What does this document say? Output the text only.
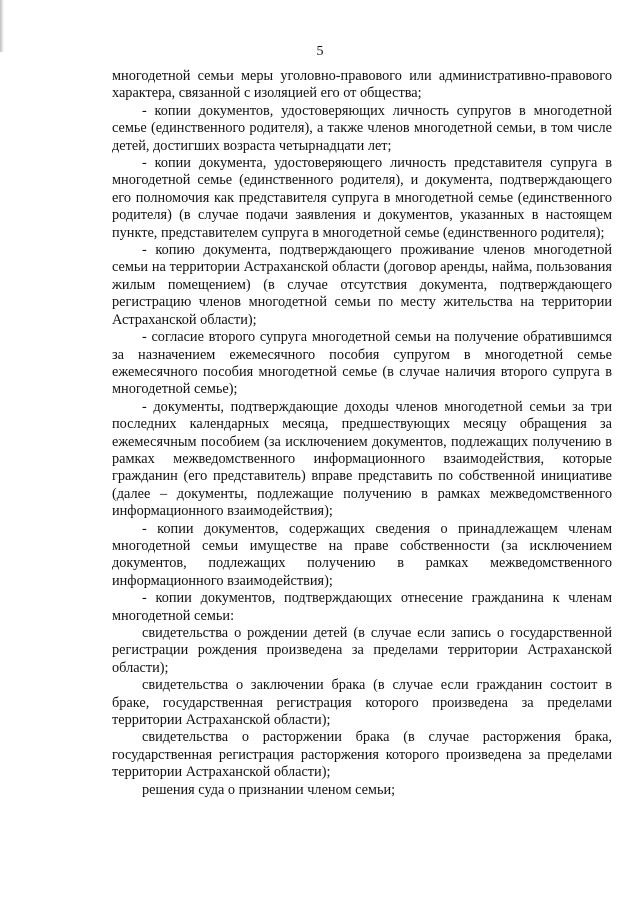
5

многодетной семьи меры уголовно-правового или административно-правового характера, связанной с изоляцией его от общества;

- копии документов, удостоверяющих личность супругов в многодетной семье (единственного родителя), а также членов многодетной семьи, в том числе детей, достигших возраста четырнадцати лет;

- копии документа, удостоверяющего личность представителя супруга в многодетной семье (единственного родителя), и документа, подтверждающего его полномочия как представителя супруга в многодетной семье (единственного родителя) (в случае подачи заявления и документов, указанных в настоящем пункте, представителем супруга в многодетной семье (единственного родителя);

- копию документа, подтверждающего проживание членов многодетной семьи на территории Астраханской области (договор аренды, найма, пользования жилым помещением) (в случае отсутствия документа, подтверждающего регистрацию членов многодетной семьи по месту жительства на территории Астраханской области);

- согласие второго супруга многодетной семьи на получение обратившимся за назначением ежемесячного пособия супругом в многодетной семье ежемесячного пособия многодетной семье (в случае наличия второго супруга в многодетной семье);

- документы, подтверждающие доходы членов многодетной семьи за три последних календарных месяца, предшествующих месяцу обращения за ежемесячным пособием (за исключением документов, подлежащих получению в рамках межведомственного информационного взаимодействия, которые гражданин (его представитель) вправе представить по собственной инициативе (далее – документы, подлежащие получению в рамках межведомственного информационного взаимодействия);

- копии документов, содержащих сведения о принадлежащем членам многодетной семьи имуществе на праве собственности (за исключением документов, подлежащих получению в рамках межведомственного информационного взаимодействия);

- копии документов, подтверждающих отнесение гражданина к членам многодетной семьи:

свидетельства о рождении детей (в случае если запись о государственной регистрации рождения произведена за пределами территории Астраханской области);

свидетельства о заключении брака (в случае если гражданин состоит в браке, государственная регистрация которого произведена за пределами территории Астраханской области);

свидетельства о расторжении брака (в случае расторжения брака, государственная регистрация расторжения которого произведена за пределами территории Астраханской области);

решения суда о признании членом семьи;
